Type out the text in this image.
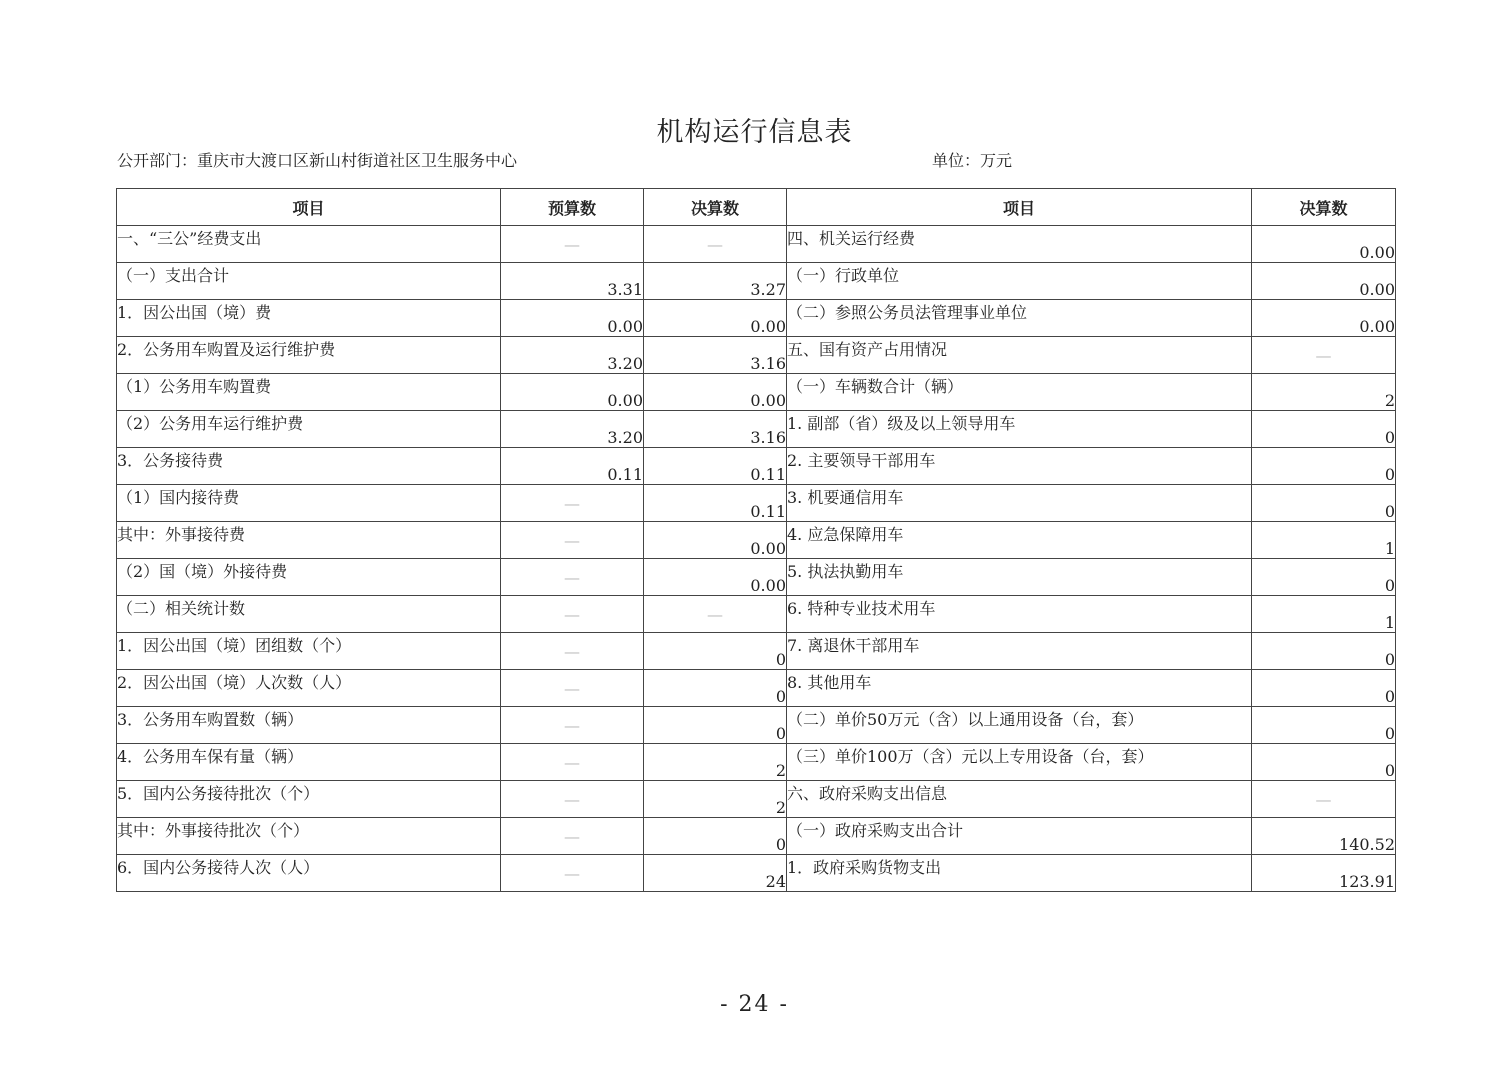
机构运行信息表
公开部门：重庆市大渡口区新山村街道社区卫生服务中心	单位：万元
项目	预算数	决算数	项目	决算数
一、“三公”经费支出	—	—	四、机关运行经费	0.00
（一）支出合计	3.31	3.27	（一）行政单位	0.00
1．因公出国（境）费	0.00	0.00	（二）参照公务员法管理事业单位	0.00
2．公务用车购置及运行维护费	3.20	3.16	五、国有资产占用情况	—
（1）公务用车购置费	0.00	0.00	（一）车辆数合计（辆）	2
（2）公务用车运行维护费	3.20	3.16	1. 副部（省）级及以上领导用车	0
3．公务接待费	0.11	0.11	2. 主要领导干部用车	0
（1）国内接待费	—	0.11	3. 机要通信用车	0
其中：外事接待费	—	0.00	4. 应急保障用车	1
（2）国（境）外接待费	—	0.00	5. 执法执勤用车	0
（二）相关统计数	—	—	6. 特种专业技术用车	1
1．因公出国（境）团组数（个）	—	0	7. 离退休干部用车	0
2．因公出国（境）人次数（人）	—	0	8. 其他用车	0
3．公务用车购置数（辆）	—	0	（二）单价50万元（含）以上通用设备（台，套）	0
4．公务用车保有量（辆）	—	2	（三）单价100万（含）元以上专用设备（台，套）	0
5．国内公务接待批次（个）	—	2	六、政府采购支出信息	—
其中：外事接待批次（个）	—	0	（一）政府采购支出合计	140.52
6．国内公务接待人次（人）	—	24	1．政府采购货物支出	123.91
- 24 -
